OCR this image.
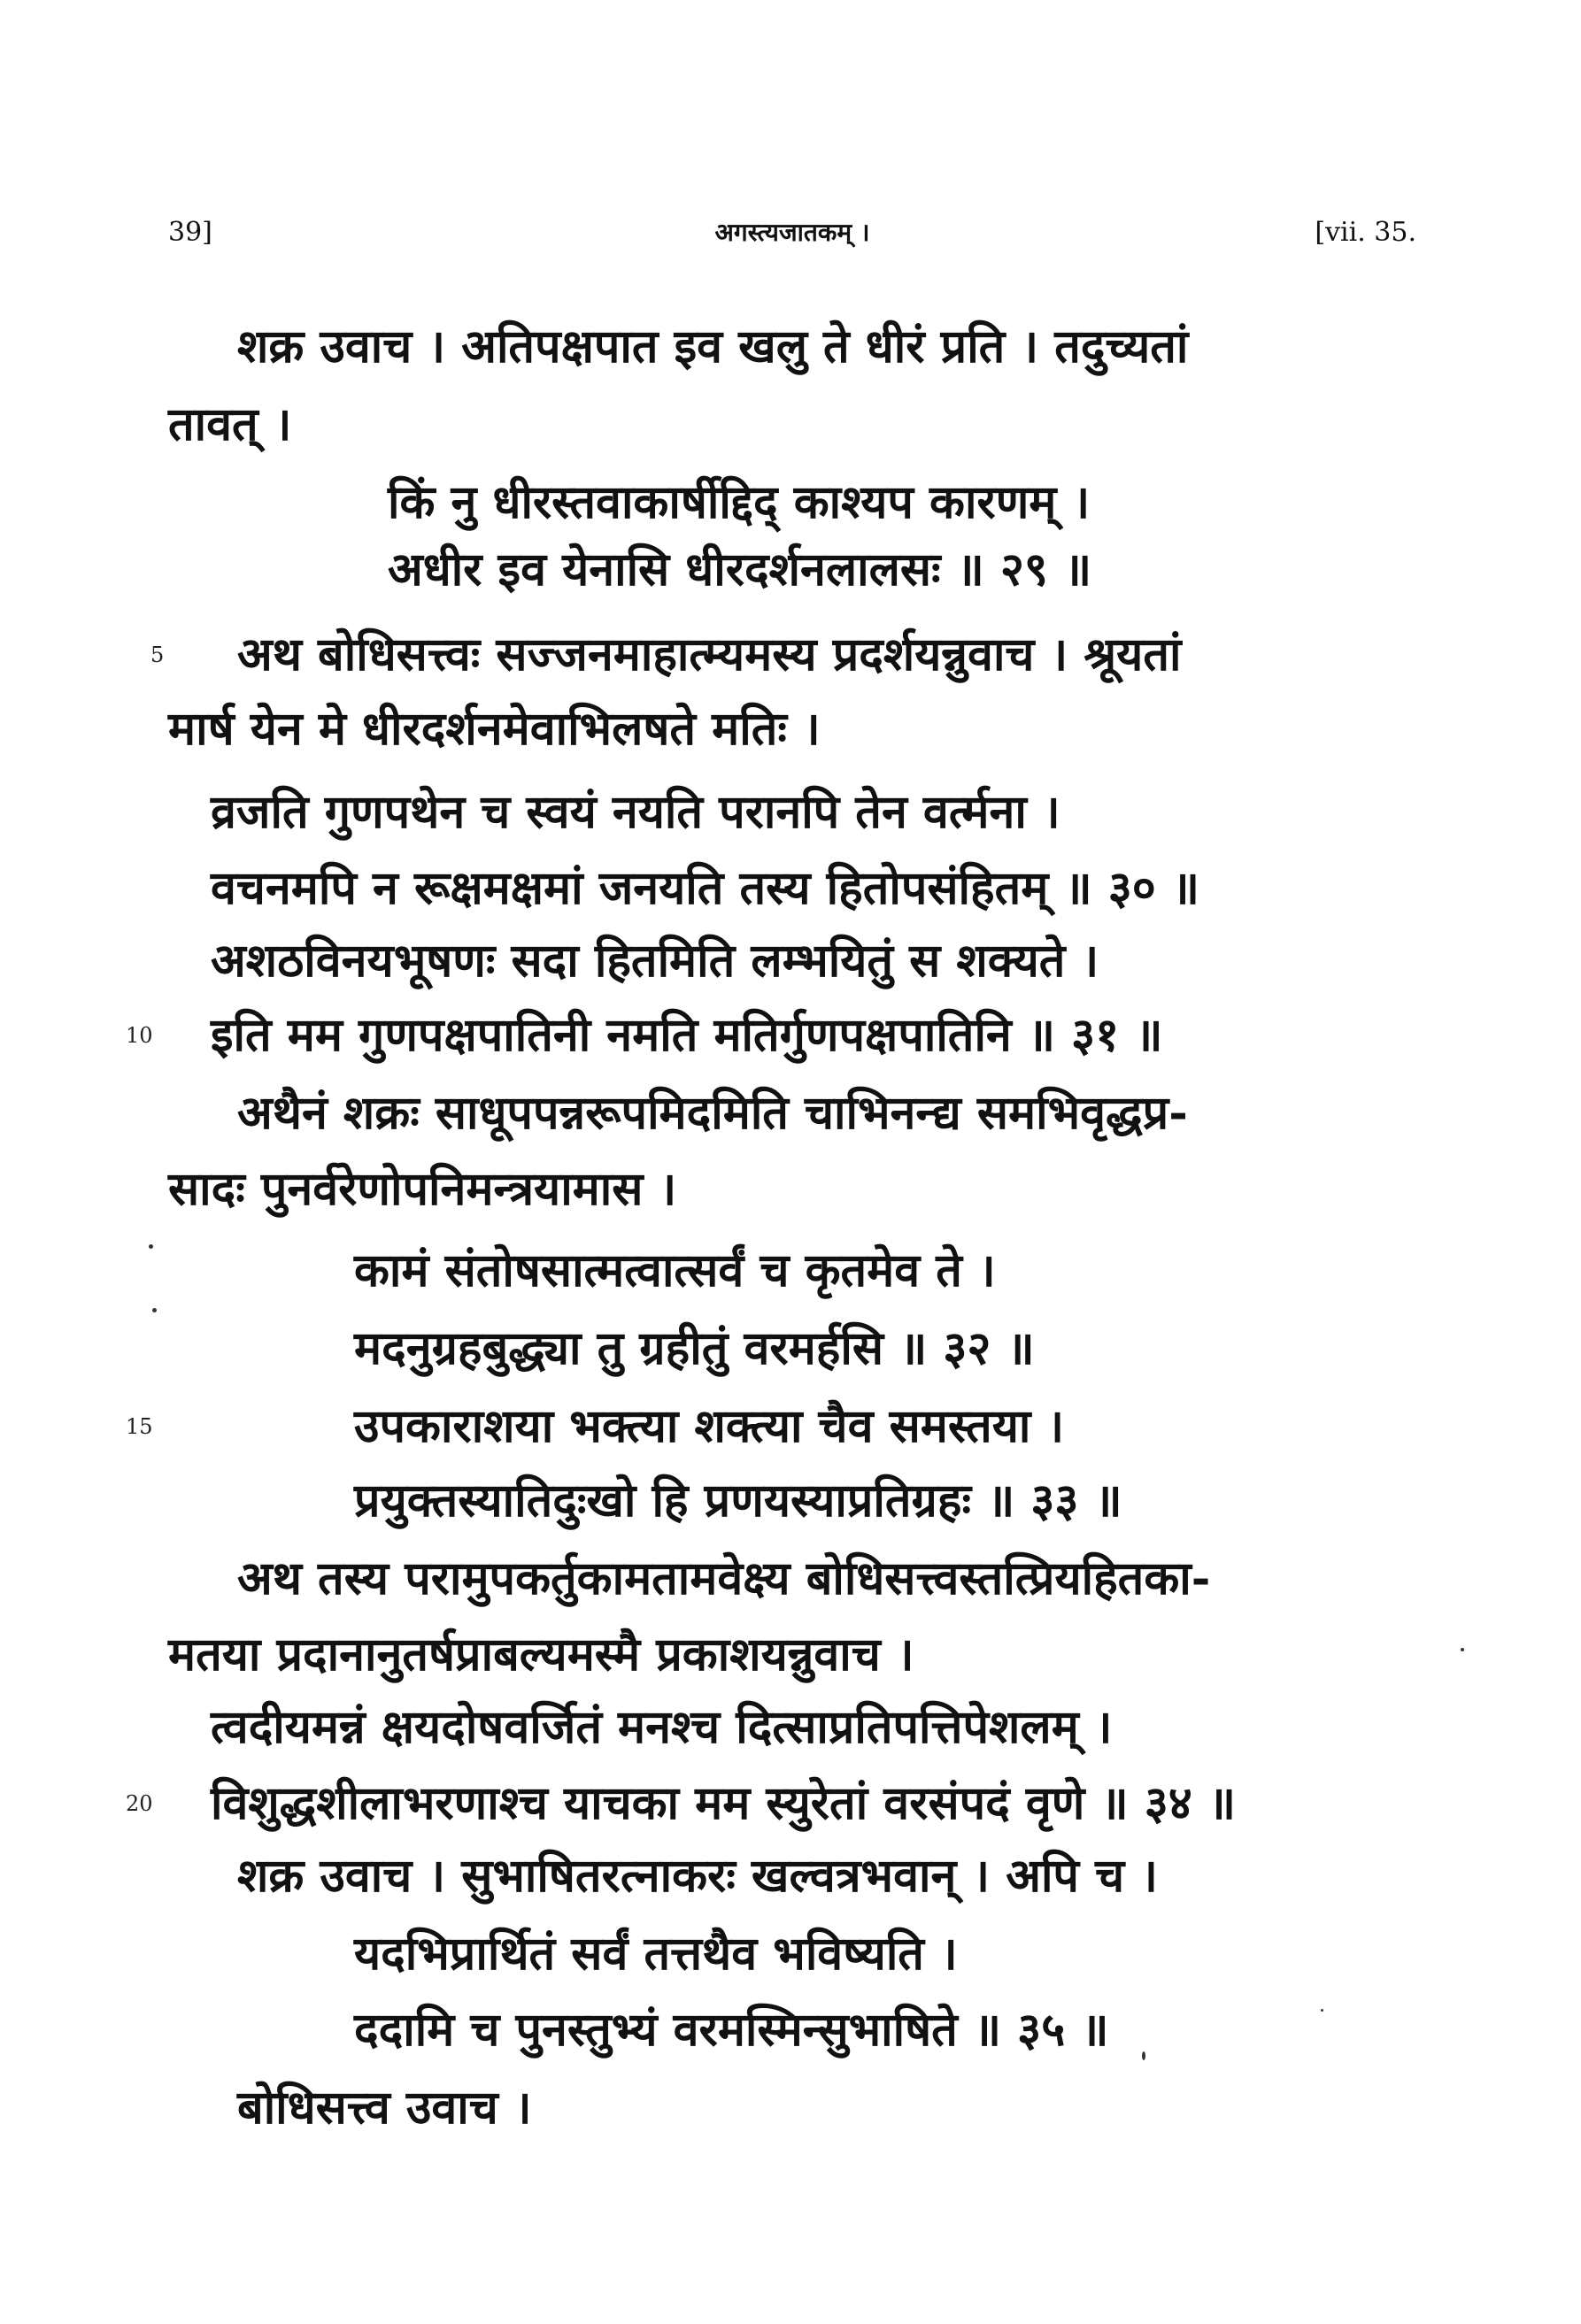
39]	अगस्त्यजातकम् ।	[vii. 35.
5
10
15
20
शक्र उवाच । अतिपक्षपात इव खलु ते धीरं प्रति । तदुच्यतां
तावत् ।
किं नु धीरस्तवाकार्षीद्दिद् काश्यप कारणम् ।
अधीर इव येनासि धीरदर्शनलालसः ॥ २९ ॥
अथ बोधिसत्त्वः सज्जनमाहात्म्यमस्य प्रदर्शयन्नुवाच । श्रूयतां
मार्ष येन मे धीरदर्शनमेवाभिलषते मतिः ।
व्रजति गुणपथेन च स्वयं नयति परानपि तेन वर्त्मना ।
वचनमपि न रूक्षमक्षमां जनयति तस्य हितोपसंहितम् ॥ ३० ॥
अशठविनयभूषणः सदा हितमिति लम्भयितुं स शक्यते ।
इति मम गुणपक्षपातिनी नमति मतिर्गुणपक्षपातिनि ॥ ३१ ॥
अथैनं शक्रः साधूपपन्नरूपमिदमिति चाभिनन्द्य समभिवृद्धप्र-
सादः पुनर्वरेणोपनिमन्त्रयामास ।
कामं संतोषसात्मत्वात्सर्वं च कृतमेव ते ।
मदनुग्रहबुद्ध्या तु ग्रहीतुं वरमर्हसि ॥ ३२ ॥
उपकाराशया भक्त्या शक्त्या चैव समस्तया ।
प्रयुक्तस्यातिदुःखो हि प्रणयस्याप्रतिग्रहः ॥ ३३ ॥
अथ तस्य परामुपकर्तुकामतामवेक्ष्य बोधिसत्त्वस्तत्प्रियहितका-
मतया प्रदानानुतर्षप्राबल्यमस्मै प्रकाशयन्नुवाच ।
त्वदीयमन्नं क्षयदोषवर्जितं मनश्च दित्साप्रतिपत्तिपेशलम् ।
विशुद्धशीलाभरणाश्च याचका मम स्युरेतां वरसंपदं वृणे ॥ ३४ ॥
शक्र उवाच । सुभाषितरत्नाकरः खल्वत्रभवान् । अपि च ।
यदभिप्रार्थितं सर्वं तत्तथैव भविष्यति ।
ददामि च पुनस्तुभ्यं वरमस्मिन्सुभाषिते ॥ ३५ ॥
बोधिसत्त्व उवाच ।
